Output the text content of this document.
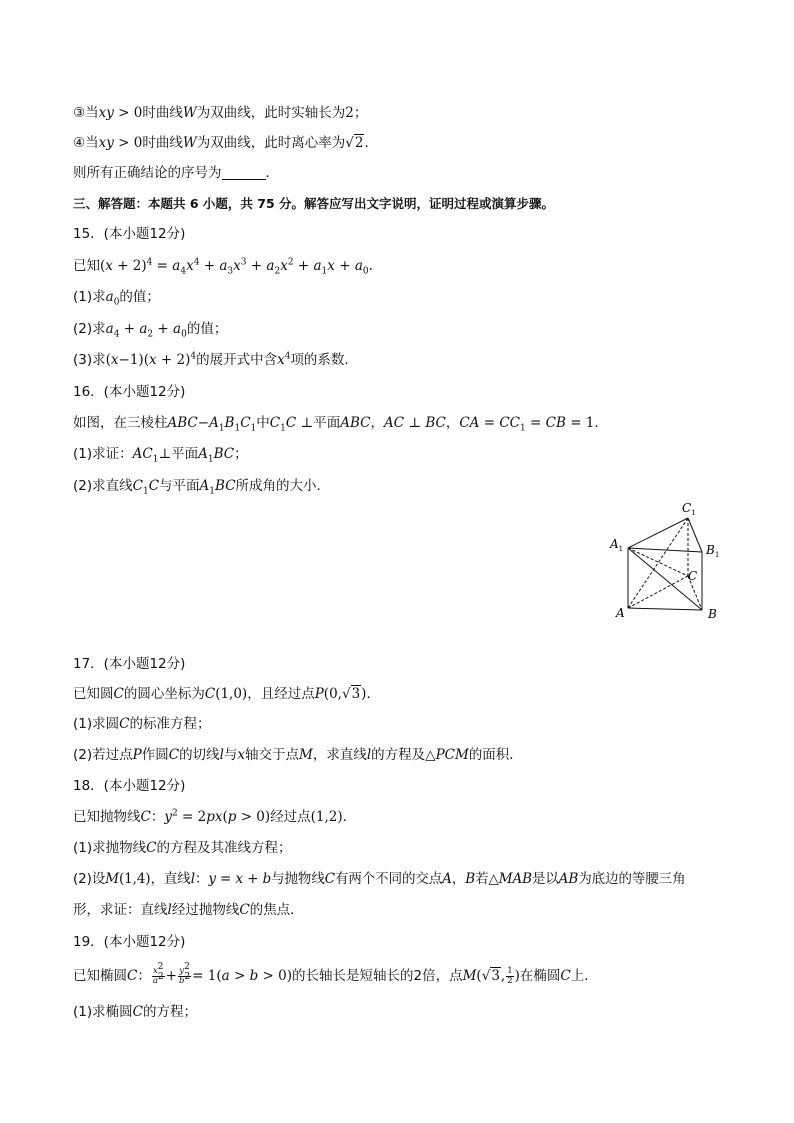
③当xy > 0时曲线W为双曲线，此时实轴长为2；
④当xy > 0时曲线W为双曲线，此时离心率为√2．
则所有正确结论的序号为	．
三、解答题：本题共 6 小题，共 75 分。解答应写出文字说明，证明过程或演算步骤。
15．(本小题12分)
已知$(x + 2)^4 = a_4x^4 + a_3x^3 + a_2x^2 + a_1x + a_0$.
(1)求$a_0$的值；
(2)求$a_4 + a_2 + a_0$的值；
(3)求$(x-1)(x + 2)^4$的展开式中含$x^4$项的系数．
16．(本小题12分)
如图，在三棱柱$ABC-A_1B_1C_1$中$C_1C$ ⊥平面ABC，AC ⊥ BC，CA = $CC_1$ = CB = 1．
(1)求证：$AC_1\perp$平面$A_1BC$；
(2)求直线$C_1C$与平面$A_1BC$所成角的大小．
$C_1$
$A_1$	$B_1$
C
A	B
17．(本小题12分)
已知圆C的圆心坐标为C(1,0)，且经过点P(0,√3)．
(1)求圆C的标准方程；
(2)若过点P作圆C的切线l与x轴交于点M，求直线l的方程及△PCM的面积．
18．(本小题12分)
已知抛物线C：$y^2 = 2px(p > 0)$经过点(1,2)．
(1)求抛物线C的方程及其准线方程；
(2)设M(1,4)，直线l：y = x + b与抛物线C有两个不同的交点A，B若△MAB是以AB为底边的等腰三角
形，求证：直线l经过抛物线C的焦点．
19．(本小题12分)
已知椭圆C： $\frac{x^2}{a^2} + \frac{y^2}{b^2} = 1(a > b > 0)$的长轴长是短轴长的2倍，点M(√3, $\frac{1}{2}$ )在椭圆C上．
(1)求椭圆C的方程；
